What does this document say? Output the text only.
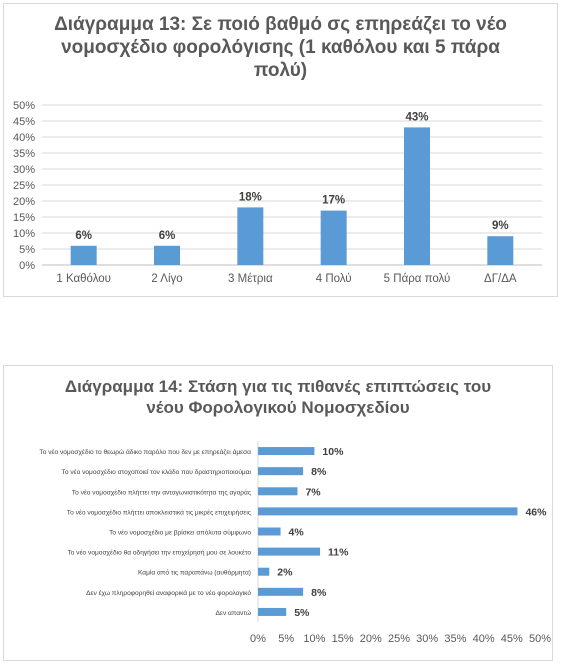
Διάγραμμα 13: Σε ποιό βαθμό σς επηρεάζει το νέο νομοσχέδιο φορολόγισης (1 καθόλου και 5 πάρα πολύ)
0%
5%
10%
15%
20%
25%
30%
35%
40%
45%
50%
6%
1 Καθόλου
6%
2 Λίγο
18%
3 Μέτρια
17%
4 Πολύ
43%
5 Πάρα πολύ
9%
ΔΓ/ΔΑ
Διάγραμμα 14: Στάση για τις πιθανές επιπτώσεις του νέου Φορολογικού Νομοσχεδίου
0% 5% 10% 15% 20% 25% 30% 35% 40% 45% 50%
10%
Το νέο νομοσχέδιο το θεωρώ άδικο παρόλο που δεν με επηρεάζει άμεσα
8%
Το νέο νομοσχέδιο στοχοποιεί τον κλάδο που δραστηριοποιούμαι
7%
Το νέο νομοσχέδιο πλήττει την ανταγωνιστικότητα της αγοράς
46%
Το νέο νομοσχέδιο πλήττει αποκλειστικά τις μικρές επιχειρήσεις
4%
Το νέο νομοσχέδιο με βρίσκει απόλυτα σύμφωνο
11%
Το νέο νομοσχέδιο θα οδηγήσει την επιχείρησή μου σε λουκέτο
2%
Καμία από τις παραπάνω (αυθόρμητα)
8%
Δεν έχω πληροφορηθεί αναφορικά με το νέο φορολογικό
5%
Δεν απαντώ
